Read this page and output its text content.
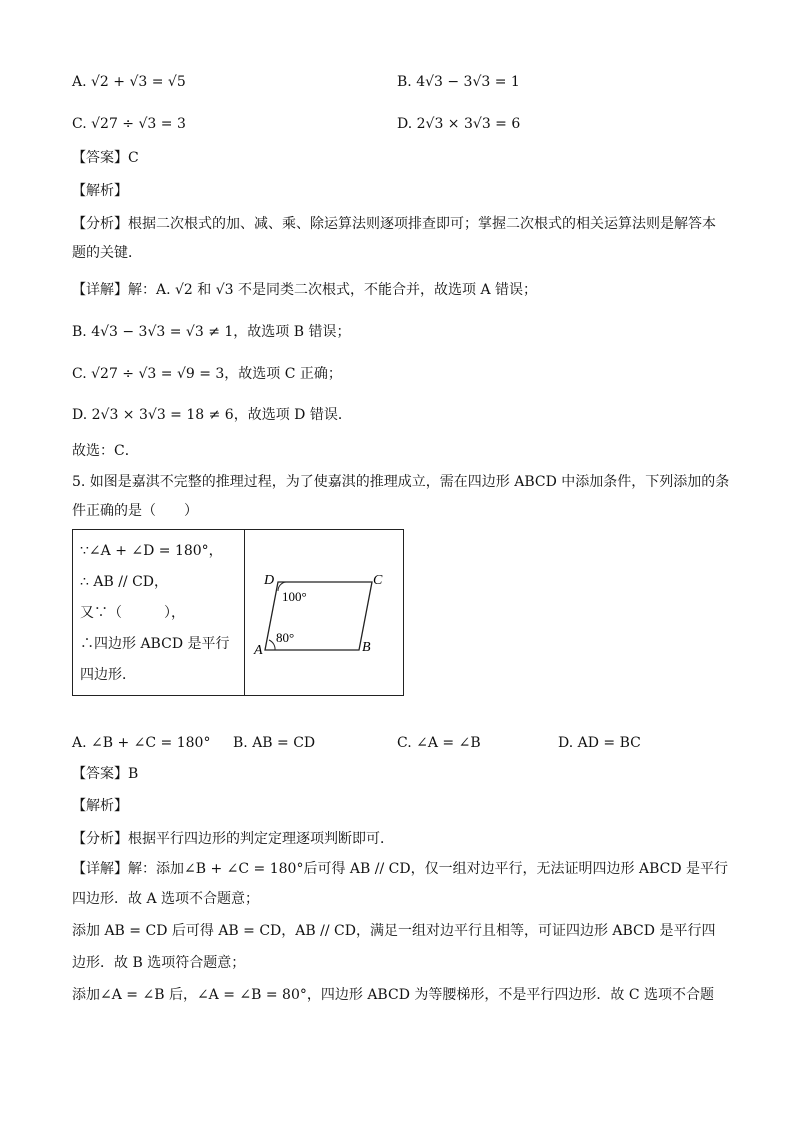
A. √2 + √3 = √5	B. 4√3 − 3√3 = 1
C. √27 ÷ √3 = 3	D. 2√3 × 3√3 = 6
【答案】C
【解析】
【分析】根据二次根式的加、减、乘、除运算法则逐项排查即可；掌握二次根式的相关运算法则是解答本
题的关键．
【详解】解：A. √2 和 √3 不是同类二次根式，不能合并，故选项 A 错误；
B. 4√3 − 3√3 = √3 ≠ 1，故选项 B 错误；
C. √27 ÷ √3 = √9 = 3，故选项 C 正确；
D. 2√3 × 3√3 = 18 ≠ 6，故选项 D 错误．
故选：C．
5. 如图是嘉淇不完整的推理过程，为了使嘉淇的推理成立，需在四边形 ABCD 中添加条件，下列添加的条
件正确的是（　　）

∵∠A + ∠D = 180°，
∴ AB // CD，
又∵（　　　），
∴四边形 ABCD 是平行
四边形．
D	C
A	B
100°
80°
A. ∠B + ∠C = 180° B. AB = CD	C. ∠A = ∠B	D. AD = BC
【答案】B
【解析】
【分析】根据平行四边形的判定定理逐项判断即可．
【详解】解：添加∠B + ∠C = 180°后可得 AB // CD，仅一组对边平行，无法证明四边形 ABCD 是平行
四边形．故 A 选项不合题意；
添加 AB = CD 后可得 AB = CD，AB // CD，满足一组对边平行且相等，可证四边形 ABCD 是平行四
边形．故 B 选项符合题意；
添加∠A = ∠B 后，∠A = ∠B = 80°，四边形 ABCD 为等腰梯形，不是平行四边形．故 C 选项不合题
